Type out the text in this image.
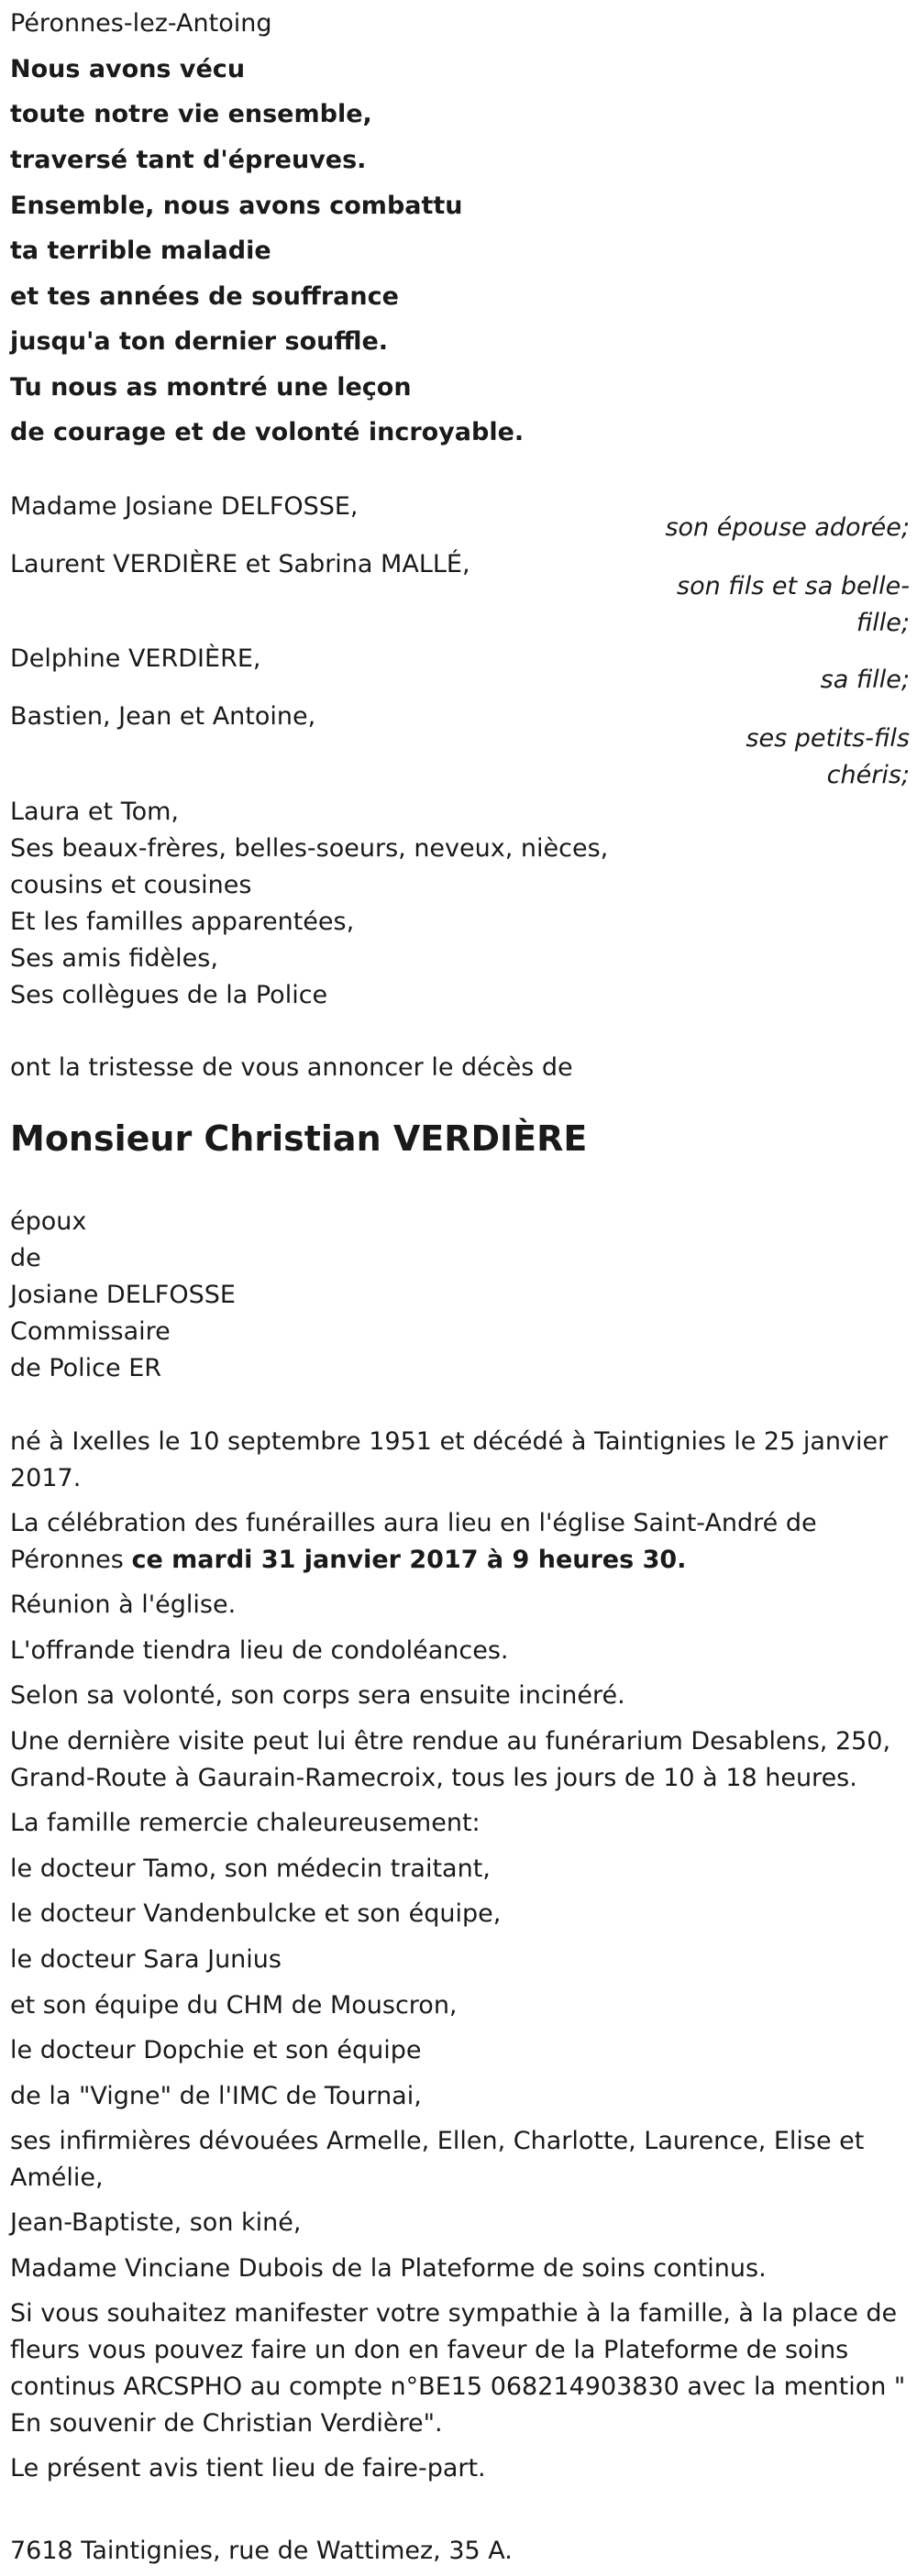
Péronnes-lez-Antoing
Nous avons vécu
toute notre vie ensemble,
traversé tant d'épreuves.
Ensemble, nous avons combattu
ta terrible maladie
et tes années de souffrance
jusqu'a ton dernier souffle.
Tu nous as montré une leçon
de courage et de volonté incroyable.
Madame Josiane DELFOSSE,
son épouse adorée;
Laurent VERDIÈRE et Sabrina MALLÉ,
son fils et sa belle-
fille;
Delphine VERDIÈRE,
sa fille;
Bastien, Jean et Antoine,
ses petits-fils
chéris;
Laura et Tom,
Ses beaux-frères, belles-soeurs, neveux, nièces,
cousins et cousines
Et les familles apparentées,
Ses amis fidèles,
Ses collègues de la Police
ont la tristesse de vous annoncer le décès de
Monsieur Christian VERDIÈRE
époux
de
Josiane DELFOSSE
Commissaire
de Police ER
né à Ixelles le 10 septembre 1951 et décédé à Taintignies le 25 janvier
2017.
La célébration des funérailles aura lieu en l'église Saint-André de
Péronnes ce mardi 31 janvier 2017 à 9 heures 30.
Réunion à l'église.
L'offrande tiendra lieu de condoléances.
Selon sa volonté, son corps sera ensuite incinéré.
Une dernière visite peut lui être rendue au funérarium Desablens, 250,
Grand-Route à Gaurain-Ramecroix, tous les jours de 10 à 18 heures.
La famille remercie chaleureusement:
le docteur Tamo, son médecin traitant,
le docteur Vandenbulcke et son équipe,
le docteur Sara Junius
et son équipe du CHM de Mouscron,
le docteur Dopchie et son équipe
de la "Vigne" de l'IMC de Tournai,
ses infirmières dévouées Armelle, Ellen, Charlotte, Laurence, Elise et
Amélie,
Jean-Baptiste, son kiné,
Madame Vinciane Dubois de la Plateforme de soins continus.
Si vous souhaitez manifester votre sympathie à la famille, à la place de
fleurs vous pouvez faire un don en faveur de la Plateforme de soins
continus ARCSPHO au compte n°BE15 068214903830 avec la mention "
En souvenir de Christian Verdière".
Le présent avis tient lieu de faire-part.
7618 Taintignies, rue de Wattimez, 35 A.
